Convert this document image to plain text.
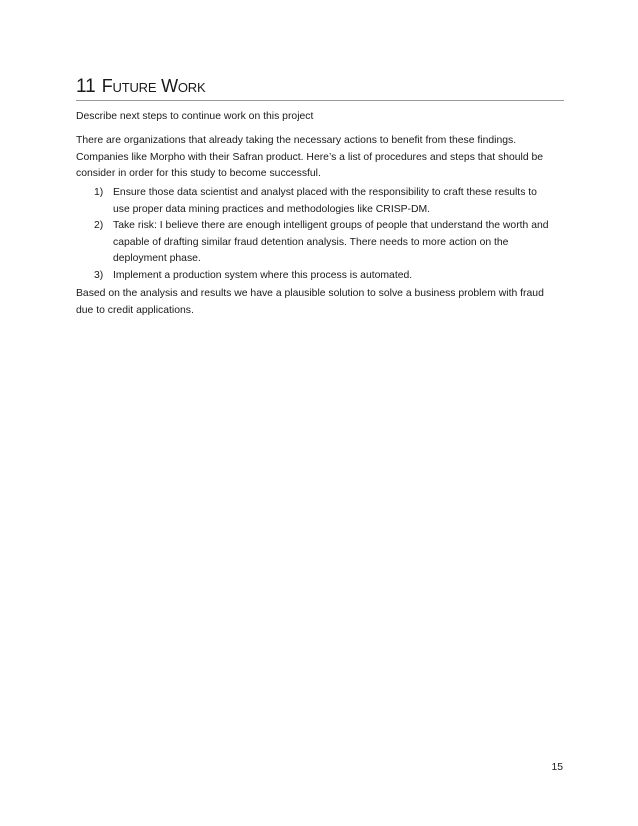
11 Future Work

Describe next steps to continue work on this project

There are organizations that already taking the necessary actions to benefit from these findings.
Companies like Morpho with their Safran product. Here’s a list of procedures and steps that should be
consider in order for this study to become successful.

1) Ensure those data scientist and analyst placed with the responsibility to craft these results to
use proper data mining practices and methodologies like CRISP-DM.
2) Take risk: I believe there are enough intelligent groups of people that understand the worth and
capable of drafting similar fraud detention analysis. There needs to more action on the
deployment phase.
3) Implement a production system where this process is automated.

Based on the analysis and results we have a plausible solution to solve a business problem with fraud
due to credit applications.

15
